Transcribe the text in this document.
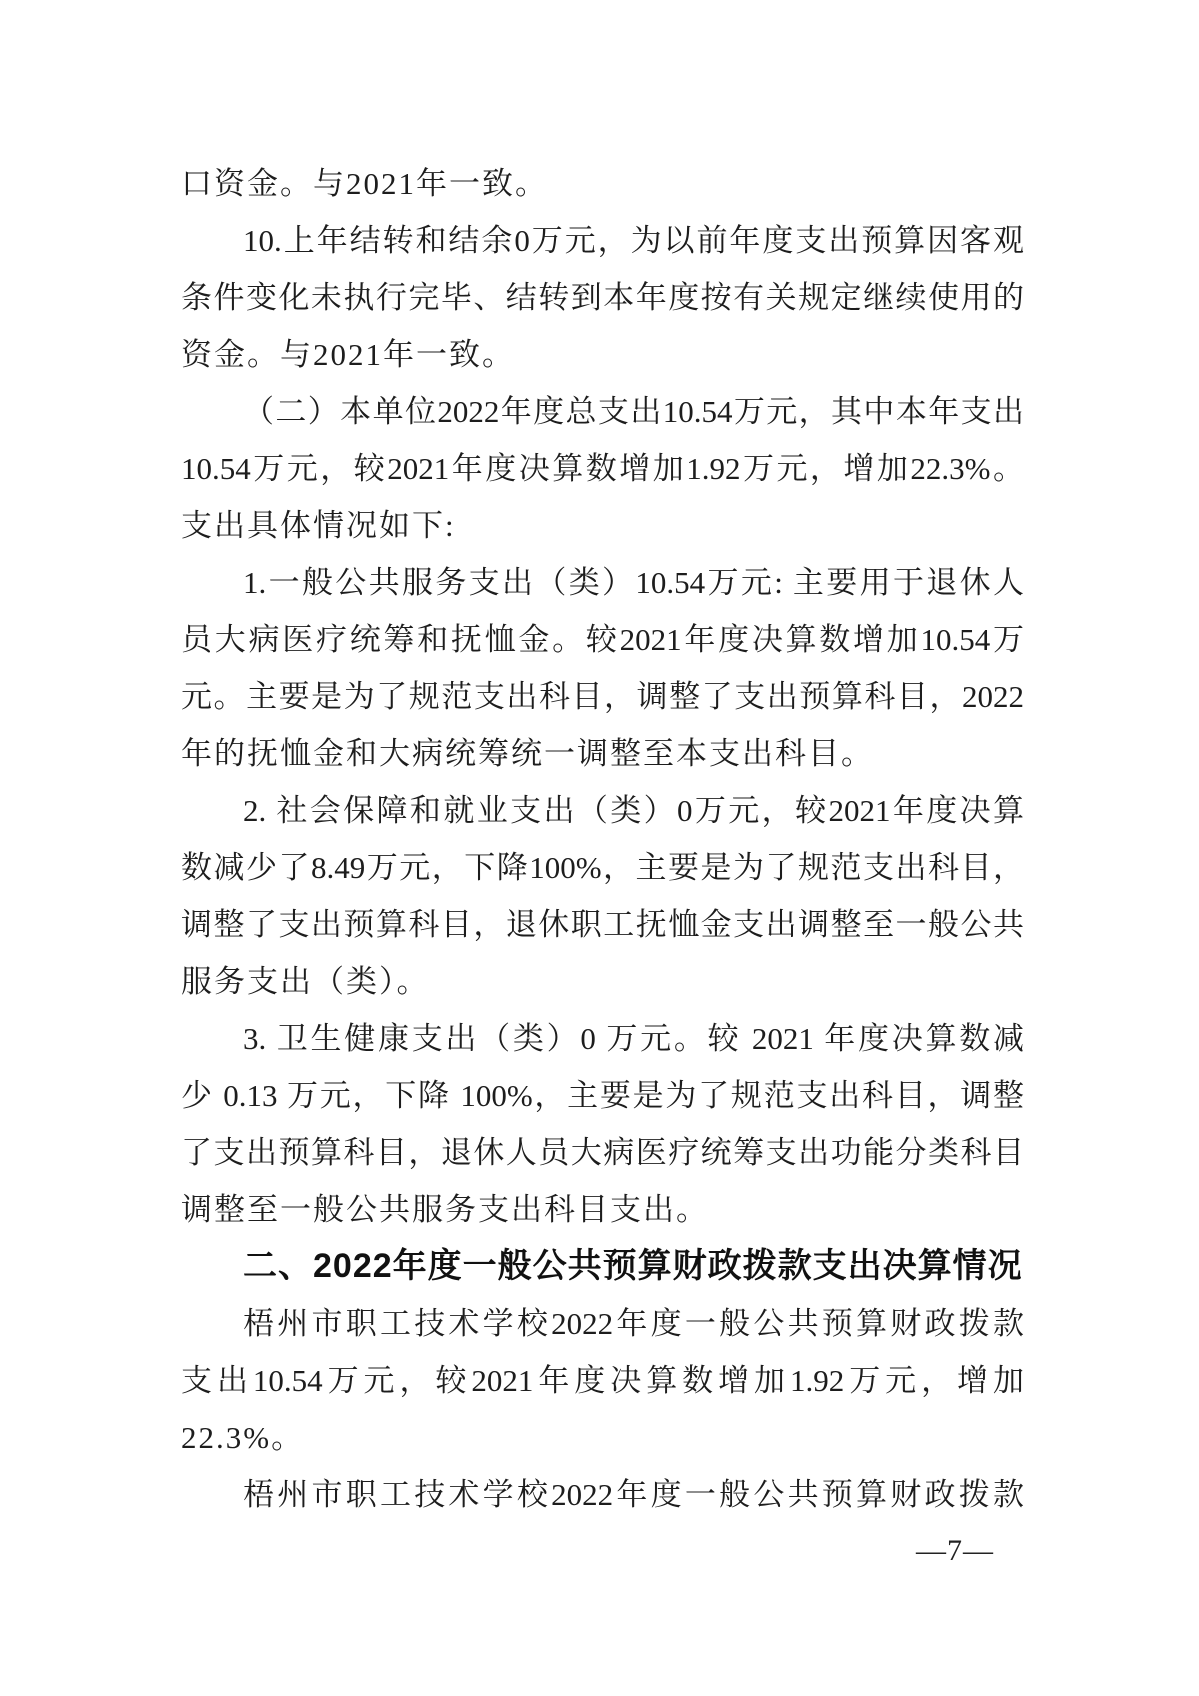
口资金。与2021年一致。
10.上年结转和结余0万元，为以前年度支出预算因客观
条件变化未执行完毕、结转到本年度按有关规定继续使用的
资金。与2021年一致。
（二）本单位2022年度总支出10.54万元，其中本年支出
10.54万元，较2021年度决算数增加1.92万元，增加22.3%。
支出具体情况如下:
1.一般公共服务支出（类）10.54万元: 主要用于退休人
员大病医疗统筹和抚恤金。较2021年度决算数增加10.54万
元。主要是为了规范支出科目，调整了支出预算科目，2022
年的抚恤金和大病统筹统一调整至本支出科目。
2. 社会保障和就业支出（类）0万元，较2021年度决算
数减少了8.49万元，下降100%，主要是为了规范支出科目，
调整了支出预算科目，退休职工抚恤金支出调整至一般公共
服务支出（类）。
3. 卫生健康支出（类）0 万元。较 2021 年度决算数减
少 0.13 万元，下降 100%，主要是为了规范支出科目，调整
了支出预算科目，退休人员大病医疗统筹支出功能分类科目
调整至一般公共服务支出科目支出。
二、2022年度一般公共预算财政拨款支出决算情况
梧州市职工技术学校2022年度一般公共预算财政拨款
支出10.54万元，较2021年度决算数增加1.92万元，增加
22.3%。
梧州市职工技术学校2022年度一般公共预算财政拨款
—7—
